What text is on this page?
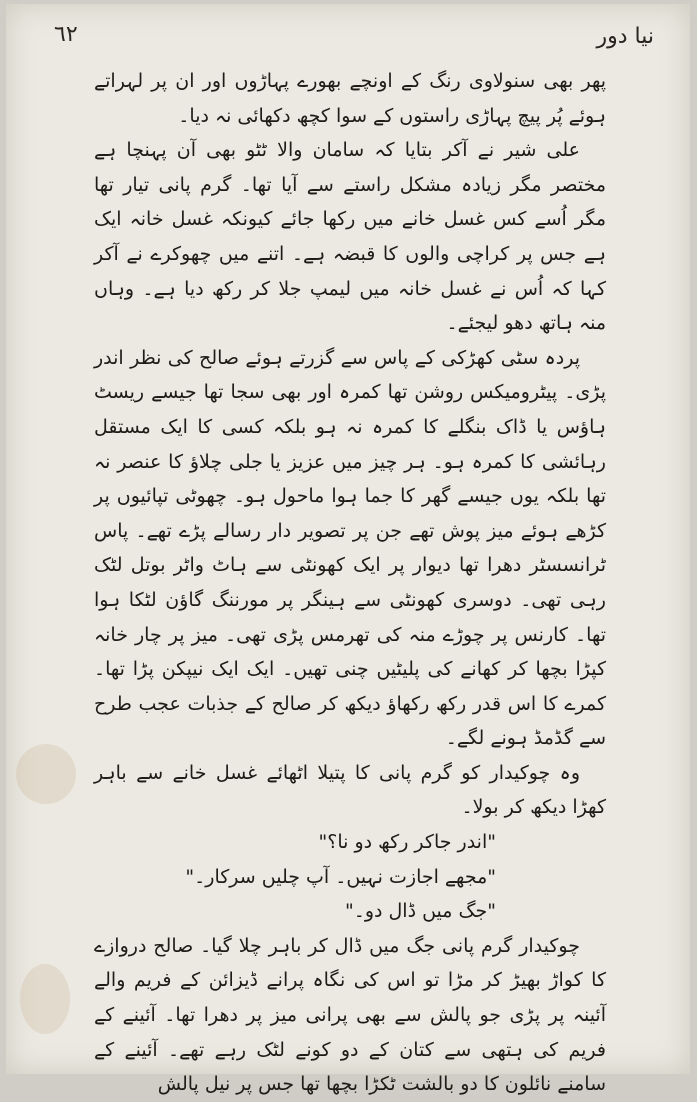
نیا دور
٦٢

پھر بھی سنولاوی رنگ کے اونچے بھورے پہاڑوں اور ان پر لہراتے ہوئے پُر پیچ پہاڑی راستوں کے سوا کچھ دکھائی نہ دیا۔

علی شیر نے آکر بتایا کہ سامان والا ٹٹو بھی آن پہنچا ہے مختصر مگر زیادہ مشکل راستے سے آیا تھا۔ گرم پانی تیار تھا مگر اُسے کس غسل خانے میں رکھا جائے کیونکہ غسل خانہ ایک ہے جس پر کراچی والوں کا قبضہ ہے۔ اتنے میں چھوکرے نے آکر کہا کہ اُس نے غسل خانہ میں لیمپ جلا کر رکھ دیا ہے۔ وہاں منہ ہاتھ دھو لیجئے۔

پردہ سٹی کھڑکی کے پاس سے گزرتے ہوئے صالح کی نظر اندر پڑی۔ پیٹرومیکس روشن تھا کمرہ اور بھی سجا تھا جیسے ریسٹ ہاؤس یا ڈاک بنگلے کا کمرہ نہ ہو بلکہ کسی کا ایک مستقل رہائشی کا کمرہ ہو۔ ہر چیز میں عزیز یا جلی چلاؤ کا عنصر نہ تھا بلکہ یوں جیسے گھر کا جما ہوا ماحول ہو۔ چھوٹی تپائیوں پر کڑھے ہوئے میز پوش تھے جن پر تصویر دار رسالے پڑے تھے۔ پاس ٹرانسسٹر دھرا تھا دیوار پر ایک کھونٹی سے ہاٹ واٹر بوتل لٹک رہی تھی۔ دوسری کھونٹی سے ہینگر پر مورننگ گاؤن لٹکا ہوا تھا۔ کارنس پر چوڑے منہ کی تھرمس پڑی تھی۔ میز پر چار خانہ کپڑا بچھا کر کھانے کی پلیٹیں چنی تھیں۔ ایک ایک نیپکن پڑا تھا۔ کمرے کا اس قدر رکھ رکھاؤ دیکھ کر صالح کے جذبات عجب طرح سے گڈمڈ ہونے لگے۔

وہ چوکیدار کو گرم پانی کا پتیلا اٹھائے غسل خانے سے باہر کھڑا دیکھ کر بولا۔

"اندر جاکر رکھ دو نا؟"

"مجھے اجازت نہیں۔ آپ چلیں سرکار۔"

"جگ میں ڈال دو۔"

چوکیدار گرم پانی جگ میں ڈال کر باہر چلا گیا۔ صالح دروازے کا کواڑ بھیڑ کر مڑا تو اس کی نگاہ پرانے ڈیزائن کے فریم والے آئینہ پر پڑی جو پالش سے بھی پرانی میز پر دھرا تھا۔ آئینے کے فریم کی ہتھی سے کتان کے دو کونے لٹک رہے تھے۔ آئینے کے سامنے نائلون کا دو بالشت ٹکڑا بچھا تھا جس پر نیل پالش
